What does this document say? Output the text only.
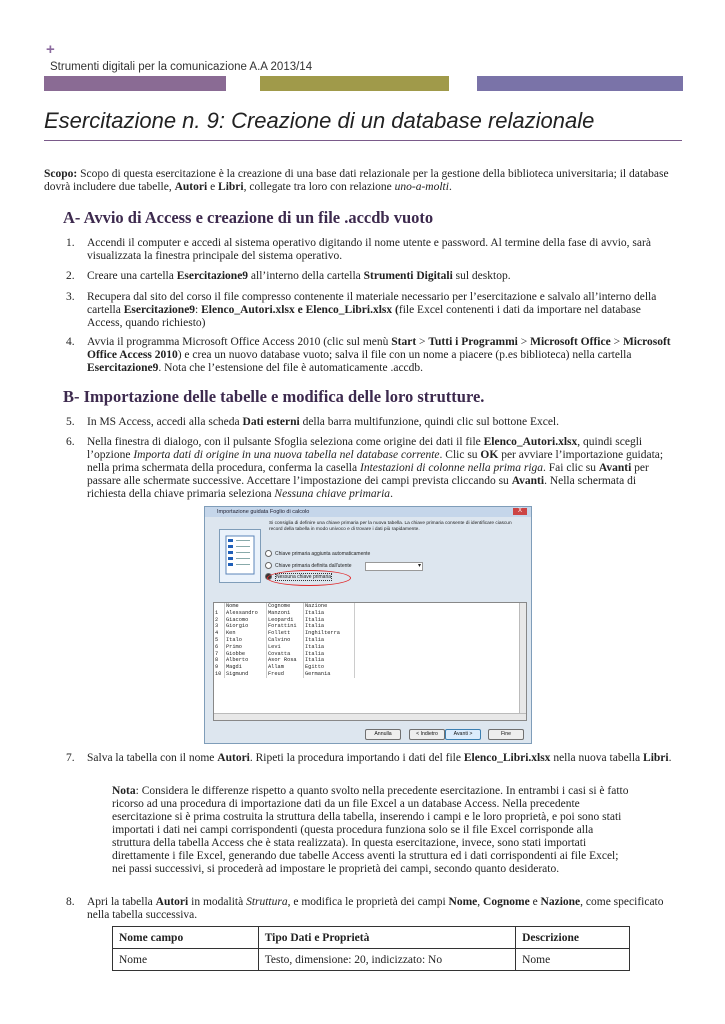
+
Strumenti digitali per la comunicazione A.A 2013/14
Esercitazione n. 9: Creazione di un database relazionale
Scopo: Scopo di questa esercitazione è la creazione di una base dati relazionale per la gestione della biblioteca universitaria; il database dovrà includere due tabelle, Autori e Libri, collegate tra loro con relazione uno-a-molti.
A- Avvio di Access e creazione di un file .accdb vuoto
1. Accendi il computer e accedi al sistema operativo digitando il nome utente e password. Al termine della fase di avvio, sarà visualizzata la finestra principale del sistema operativo.
2. Creare una cartella Esercitazione9 all’interno della cartella Strumenti Digitali sul desktop.
3. Recupera dal sito del corso il file compresso contenente il materiale necessario per l’esercitazione e salvalo all’interno della cartella Esercitazione9: Elenco_Autori.xlsx e Elenco_Libri.xlsx (file Excel contenenti i dati da importare nel database Access, quando richiesto)
4. Avvia il programma Microsoft Office Access 2010 (clic sul menù Start > Tutti i Programmi > Microsoft Office > Microsoft Office Access 2010) e crea un nuovo database vuoto; salva il file con un nome a piacere (p.es biblioteca) nella cartella Esercitazione9. Nota che l’estensione del file è automaticamente .accdb.
B- Importazione delle tabelle e modifica delle loro strutture.
5. In MS Access, accedi alla scheda Dati esterni della barra multifunzione, quindi clic sul bottone Excel.
6. Nella finestra di dialogo, con il pulsante Sfoglia seleziona come origine dei dati il file Elenco_Autori.xlsx, quindi scegli l’opzione Importa dati di origine in una nuova tabella nel database corrente. Clic su OK per avviare l’importazione guidata; nella prima schermata della procedura, conferma la casella Intestazioni di colonne nella prima riga. Fai clic su Avanti per passare alle schermate successive. Accettare l’impostazione dei campi prevista cliccando su Avanti. Nella schermata di richiesta della chiave primaria seleziona Nessuna chiave primaria.
Importazione guidata Foglio di calcolo	X
Si consiglia di definire una chiave primaria per la nuova tabella. La chiave primaria consente di identificare ciascun record della tabella in modo univoco e di trovare i dati più rapidamente.
Chiave primaria aggiunta automaticamente
Chiave primaria definita dall'utente
▾
Nessuna chiave primaria
	Nome	Cognome	Nazione
1	Alessandro	Manzoni	Italia
2	Giacomo	Leopardi	Italia
3	Giorgio	Forattini	Italia
4	Ken	Follett	Inghilterra
5	Italo	Calvino	Italia
6	Primo	Levi	Italia
7	Giobbe	Covatta	Italia
8	Alberto	Asor Rosa	Italia
9	Magdi	Allam	Egitto
10	Sigmund	Freud	Germania
Annulla	< Indietro	Avanti >	Fine
7. Salva la tabella con il nome Autori. Ripeti la procedura importando i dati del file Elenco_Libri.xlsx nella nuova tabella Libri.
Nota: Considera le differenze rispetto a quanto svolto nella precedente esercitazione. In entrambi i casi si è fatto ricorso ad una procedura di importazione dati da un file Excel a un database Access. Nella precedente esercitazione si è prima costruita la struttura della tabella, inserendo i campi e le loro proprietà, e poi sono stati importati i dati nei campi corrispondenti (questa procedura funziona solo se il file Excel corrisponde alla struttura della tabella Access che è stata realizzata). In questa esercitazione, invece, sono stati importati direttamente i file Excel, generando due tabelle Access aventi la struttura ed i dati corrispondenti ai file Excel; nei passi successivi, si procederà ad impostare le proprietà dei campi, secondo quanto desiderato.
8. Apri la tabella Autori in modalità Struttura, e modifica le proprietà dei campi Nome, Cognome e Nazione, come specificato nella tabella successiva.
Nome campo	Tipo Dati e Proprietà	Descrizione
Nome	Testo, dimensione: 20, indicizzato: No	Nome
